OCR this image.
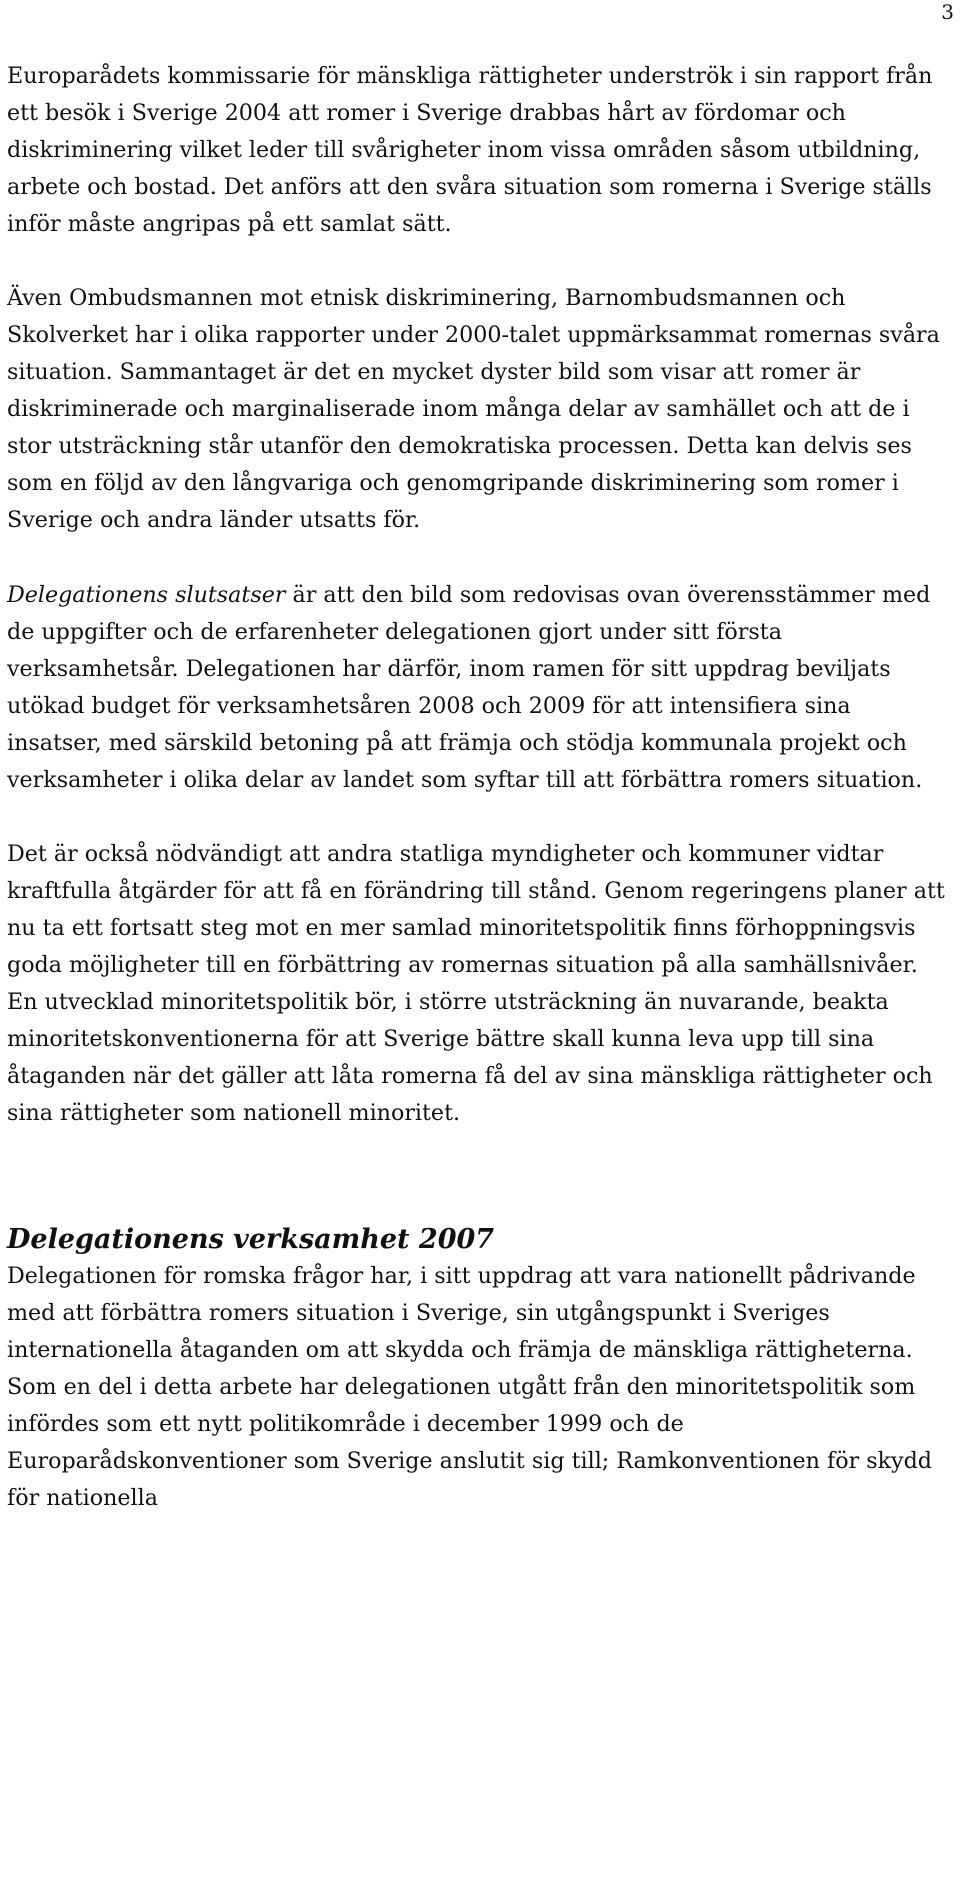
3

Europarådets kommissarie för mänskliga rättigheter underströk i sin rapport från ett besök i Sverige 2004 att romer i Sverige drabbas hårt av fördomar och diskriminering vilket leder till svårigheter inom vissa områden såsom utbildning, arbete och bostad. Det anförs att den svåra situation som romerna i Sverige ställs inför måste angripas på ett samlat sätt.

Även Ombudsmannen mot etnisk diskriminering, Barnombudsmannen och Skolverket har i olika rapporter under 2000-talet uppmärksammat romernas svåra situation. Sammantaget är det en mycket dyster bild som visar att romer är diskriminerade och marginaliserade inom många delar av samhället och att de i stor utsträckning står utanför den demokratiska processen. Detta kan delvis ses som en följd av den långvariga och genomgripande diskriminering som romer i Sverige och andra länder utsatts för.

Delegationens slutsatser är att den bild som redovisas ovan överensstämmer med de uppgifter och de erfarenheter delegationen gjort under sitt första verksamhetsår. Delegationen har därför, inom ramen för sitt uppdrag beviljats utökad budget för verksamhetsåren 2008 och 2009 för att intensifiera sina insatser, med särskild betoning på att främja och stödja kommunala projekt och verksamheter i olika delar av landet som syftar till att förbättra romers situation.

Det är också nödvändigt att andra statliga myndigheter och kommuner vidtar kraftfulla åtgärder för att få en förändring till stånd. Genom regeringens planer att nu ta ett fortsatt steg mot en mer samlad minoritetspolitik finns förhoppningsvis goda möjligheter till en förbättring av romernas situation på alla samhällsnivåer. En utvecklad minoritetspolitik bör, i större utsträckning än nuvarande, beakta minoritetskonventionerna för att Sverige bättre skall kunna leva upp till sina åtaganden när det gäller att låta romerna få del av sina mänskliga rättigheter och sina rättigheter som nationell minoritet.

Delegationens verksamhet 2007

Delegationen för romska frågor har, i sitt uppdrag att vara nationellt pådrivande med att förbättra romers situation i Sverige, sin utgångspunkt i Sveriges internationella åtaganden om att skydda och främja de mänskliga rättigheterna. Som en del i detta arbete har delegationen utgått från den minoritetspolitik som infördes som ett nytt politikområde i december 1999 och de Europarådskonventioner som Sverige anslutit sig till; Ramkonventionen för skydd för nationella
